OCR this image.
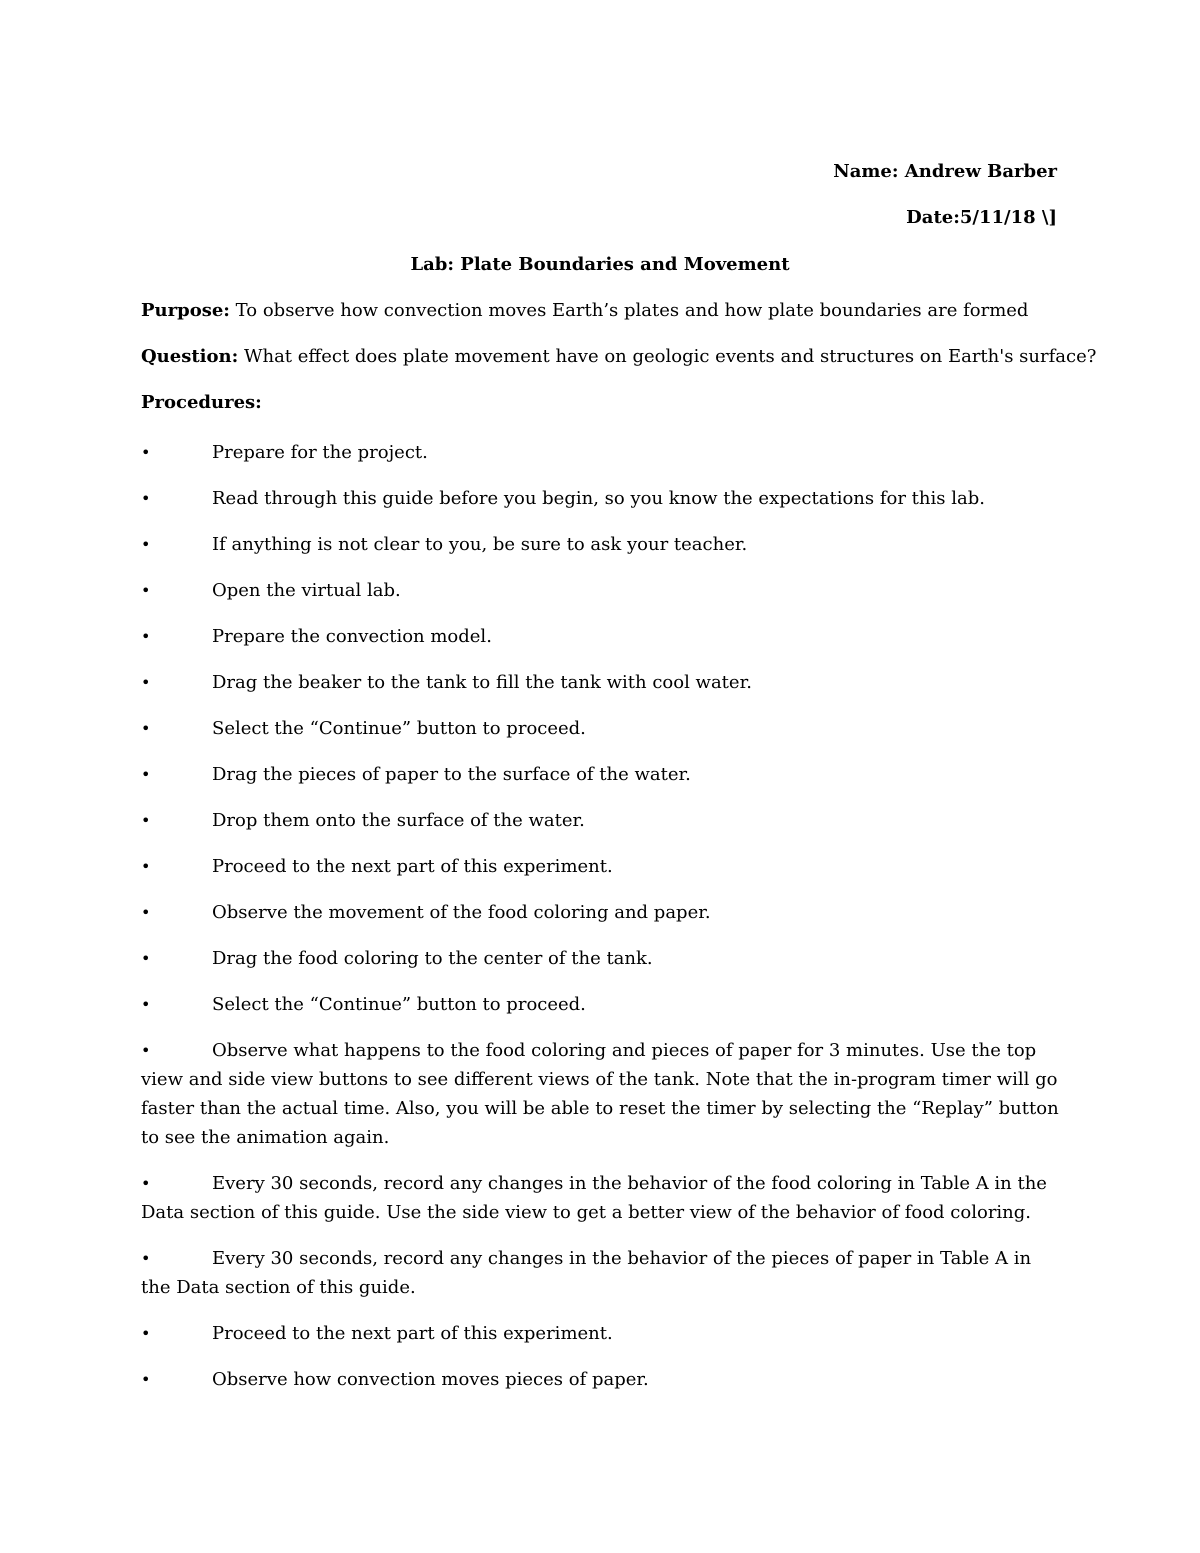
Name: Andrew Barber
Date:5/11/18 \]
Lab: Plate Boundaries and Movement
Purpose: To observe how convection moves Earth’s plates and how plate boundaries are formed
Question: What effect does plate movement have on geologic events and structures on Earth's surface?
Procedures:
•	Prepare for the project.
•	Read through this guide before you begin, so you know the expectations for this lab.
•	If anything is not clear to you, be sure to ask your teacher.
•	Open the virtual lab.
•	Prepare the convection model.
•	Drag the beaker to the tank to fill the tank with cool water.
•	Select the “Continue” button to proceed.
•	Drag the pieces of paper to the surface of the water.
•	Drop them onto the surface of the water.
•	Proceed to the next part of this experiment.
•	Observe the movement of the food coloring and paper.
•	Drag the food coloring to the center of the tank.
•	Select the “Continue” button to proceed.
•	Observe what happens to the food coloring and pieces of paper for 3 minutes. Use the top view and side view buttons to see different views of the tank. Note that the in-program timer will go faster than the actual time. Also, you will be able to reset the timer by selecting the “Replay” button to see the animation again.
•	Every 30 seconds, record any changes in the behavior of the food coloring in Table A in the Data section of this guide. Use the side view to get a better view of the behavior of food coloring.
•	Every 30 seconds, record any changes in the behavior of the pieces of paper in Table A in the Data section of this guide.
•	Proceed to the next part of this experiment.
•	Observe how convection moves pieces of paper.
